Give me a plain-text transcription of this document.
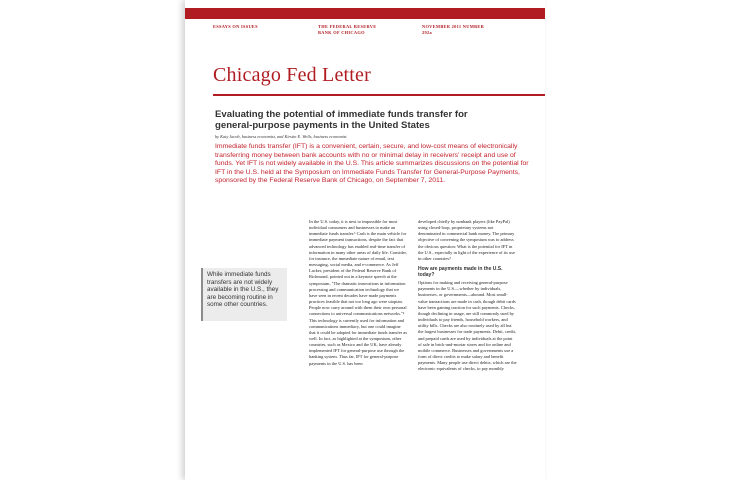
ESSAYS ON ISSUES	THE FEDERAL RESERVE BANK OF CHICAGO
NOVEMBER 2011 NUMBER 292a
Chicago Fed Letter
Evaluating the potential of immediate funds transfer for general-purpose payments in the United States
by Katy Jacob, business economist, and Kirstin E. Wells, business economist
Immediate funds transfer (IFT) is a convenient, certain, secure, and low-cost means of electronically transferring money between bank accounts with no or minimal delay in receivers' receipt and use of funds. Yet IFT is not widely available in the U.S. This article summarizes discussions on the potential for IFT in the U.S. held at the Symposium on Immediate Funds Transfer for General-Purpose Payments, sponsored by the Federal Reserve Bank of Chicago, on September 7, 2011.
While immediate funds transfers are not widely available in the U.S., they are becoming routine in some other countries.
In the U.S. today, it is next to impossible for most individual consumers and businesses to make an immediate funds transfer.¹ Cash is the main vehicle for immediate payment transactions, despite the fact that advanced technology has enabled real-time transfer of information in many other areas of daily life. Consider, for instance, the immediate nature of email, text messaging, social media, and e-commerce. As Jeff Lacker, president of the Federal Reserve Bank of Richmond, pointed out in a keynote speech at the symposium, "The dramatic innovations in information processing and communication technology that we have seen in recent decades have made payments practices feasible that not too long ago were utopian. People now carry around with them their own personal connections to universal communications networks."² This technology is currently used for information and communications immediacy, but one could imagine that it could be adapted for immediate funds transfer as well. In fact, as highlighted at the symposium, other countries, such as Mexico and the UK, have already implemented IFT for general-purpose use through the banking system. Thus far, IFT for general-purpose payments in the U.S. has been
developed chiefly by nonbank players (like PayPal) using closed-loop, proprietary systems not denominated in commercial bank money. The primary objective of convening the symposium was to address the obvious question: What is the potential for IFT in the U.S., especially in light of the experience of its use in other countries?
How are payments made in the U.S. today?
Options for making and receiving general-purpose payments in the U.S.—whether by individuals, businesses, or governments—abound. Most small-value transactions are made in cash, though debit cards have been gaining traction for such payments. Checks, though declining in usage, are still commonly used by individuals to pay friends, household workers, and utility bills. Checks are also routinely used by all but the largest businesses for trade payments. Debit, credit, and prepaid cards are used by individuals at the point of sale in brick-and-mortar stores and for online and mobile commerce. Businesses and governments use a form of direct credits to make salary and benefit payments. Many people use direct debits, which are the electronic equivalents of checks, to pay monthly
